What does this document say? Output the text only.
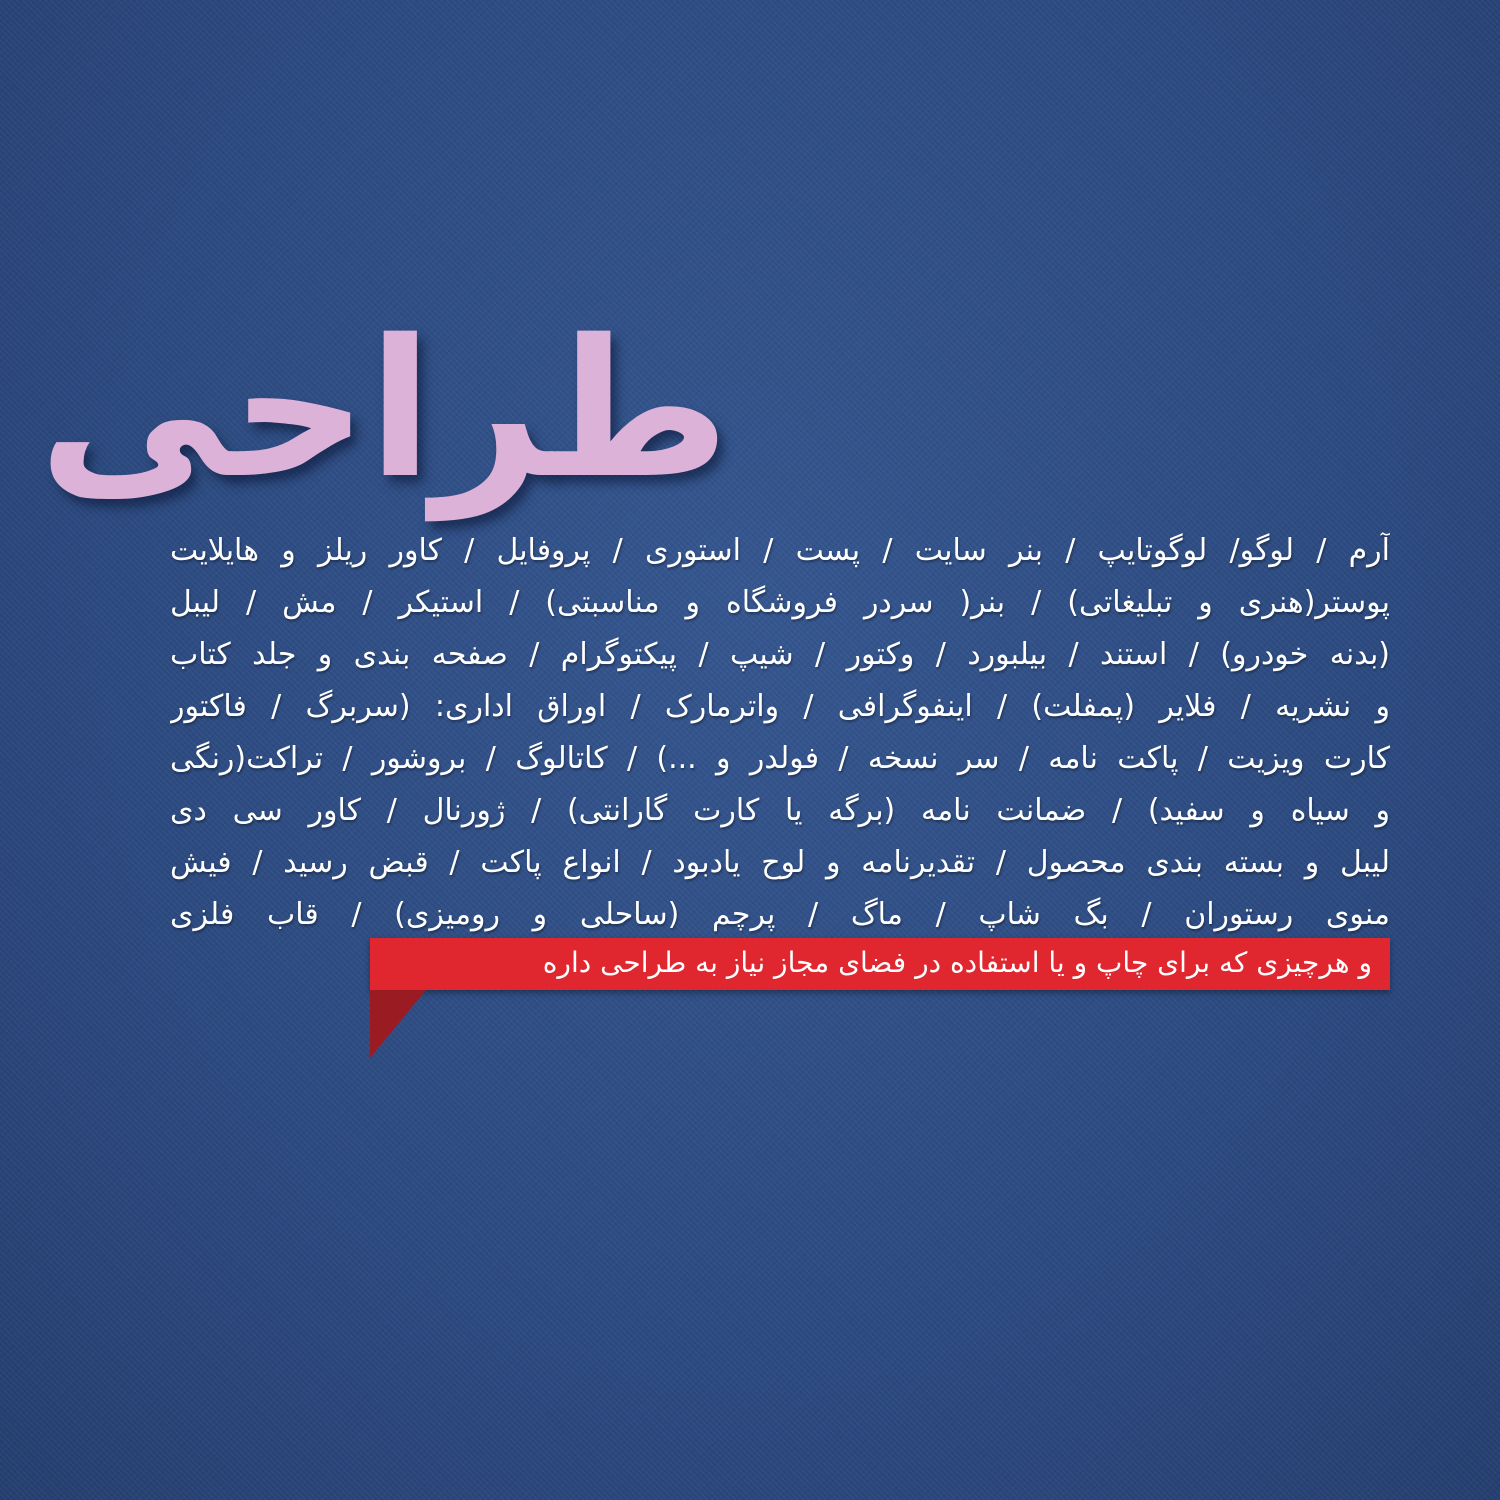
طراحی
آرم / لوگو/ لوگوتایپ / بنر سایت / پست / استوری / پروفایل / کاور ریلز و هایلایت
پوستر(هنری و تبلیغاتی) / بنر( سردر فروشگاه و مناسبتی) / استیکر / مش / لیبل
(بدنه خودرو) / استند / بیلبورد / وکتور / شیپ / پیکتوگرام / صفحه بندی و جلد کتاب
و نشریه / فلایر (پمفلت) / اینفوگرافی / واترمارک / اوراق اداری: (سربرگ / فاکتور
کارت ویزیت / پاکت نامه / سر نسخه / فولدر و ...) / کاتالوگ / بروشور / تراکت(رنگی
و سیاه و سفید) / ضمانت نامه (برگه یا کارت گارانتی) / ژورنال / کاور سی دی
لیبل و بسته بندی محصول / تقدیرنامه و لوح یادبود / انواع پاکت / قبض رسید / فیش
منوی رستوران / بگ شاپ / ماگ / پرچم (ساحلی و رومیزی) / قاب فلزی
و هرچیزی که برای چاپ و یا استفاده در فضای مجاز نیاز به طراحی داره
